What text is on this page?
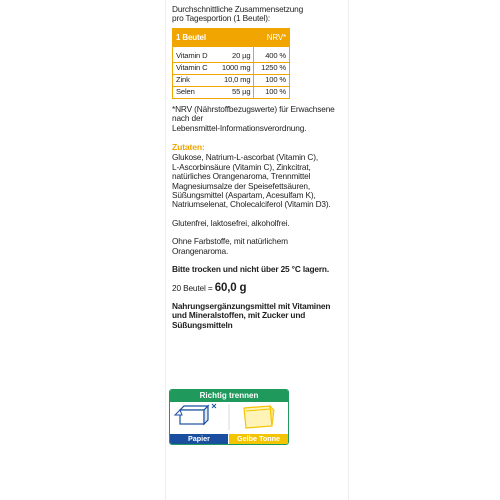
Durchschnittliche Zusammensetzung
pro Tagesportion (1 Beutel):
1 Beutel		NRV*
Vitamin D	20 µg	400 %
Vitamin C	1000 mg	1250 %
Zink	10,0 mg	100 %
Selen	55 µg	100 %
*NRV (Nährstoffbezugswerte) für Erwachsene nach der
Lebensmittel-Informationsverordnung.
Zutaten:

Glukose, Natrium-L-ascorbat (Vitamin C),
L-Ascorbinsäure (Vitamin C), Zinkcitrat,
natürliches Orangenaroma, Trennmittel
Magnesiumsalze der Speisefettsäuren,
Süßungsmittel (Aspartam, Acesulfam K),
Natriumselenat, Cholecalciferol (Vitamin D3).

Glutenfrei, laktosefrei, alkoholfrei.

Ohne Farbstoffe, mit natürlichem
Orangenaroma.

Bitte trocken und nicht über 25 °C lagern.

20 Beutel = 60,0 g

Nahrungsergänzungsmittel mit Vitaminen
und Mineralstoffen, mit Zucker und
Süßungsmitteln

Richtig trennen
Papier	Gelbe Tonne
